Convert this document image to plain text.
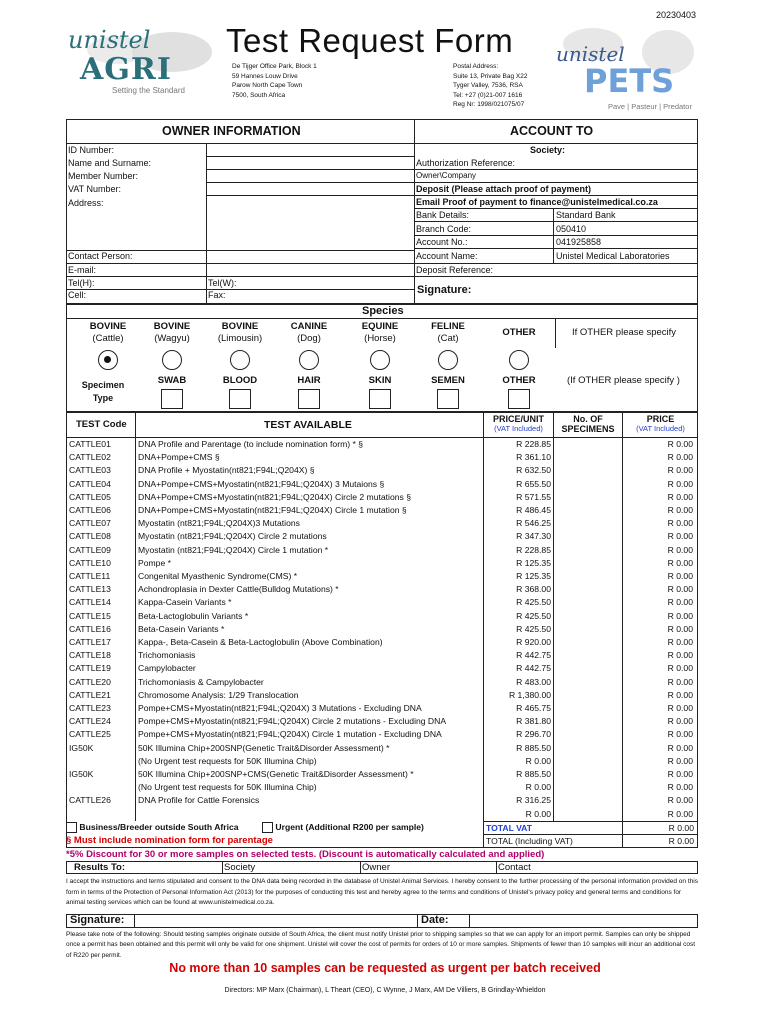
20230403
unistel
AGRI
Setting the Standard
Test Request Form
De Tijger Office Park, Block 1
59 Hannes Louw Drive
Parow North Cape Town
7500, South Africa
Postal Address:
Suite 13, Private Bag X22
Tyger Valley, 7536, RSA
Tel: +27 (0)21-007 1616
Reg Nr: 1998/021075/07
unistel
PETS
Pave | Pasteur | Predator
OWNER INFORMATION	ACCOUNT TO
ID Number:
Name and Surname:
Member Number:
VAT Number:
Address:
Contact Person:
E-mail:
Tel(H):	Tel(W):
Cell:	Fax:
Society:
Authorization Reference:
Owner\Company
Deposit (Please attach proof of payment)
Email Proof of payment to finance@unistelmedical.co.za
Bank Details:	Standard Bank
Branch Code:	050410
Account No.:	041925858
Account Name:	Unistel Medical Laboratories
Deposit Reference:
Signature:
Species
If OTHER please specify
BOVINE
(Cattle)
BOVINE
(Wagyu)
BOVINE
(Limousin)
CANINE
(Dog)
EQUINE
(Horse)
FELINE
(Cat)
OTHER
SWAB	BLOOD	HAIR	SKIN	SEMEN	OTHER
Specimen
Type
(If OTHER please specify )
TEST Code	TEST AVAILABLE	PRICE/UNIT
(VAT Included)
No. OF
SPECIMENS
PRICE
(VAT Included)
CATTLE01	DNA Profile and Parentage (to include nomination form) * §	R 228.85	R 0.00
CATTLE02	DNA+Pompe+CMS §	R 361.10	R 0.00
CATTLE03	DNA Profile + Myostatin(nt821;F94L;Q204X) §	R 632.50	R 0.00
CATTLE04	DNA+Pompe+CMS+Myostatin(nt821;F94L;Q204X) 3 Mutaions §	R 655.50	R 0.00
CATTLE05	DNA+Pompe+CMS+Myostatin(nt821;F94L;Q204X) Circle 2 mutations §	R 571.55	R 0.00
CATTLE06	DNA+Pompe+CMS+Myostatin(nt821;F94L;Q204X) Circle 1 mutation §	R 486.45	R 0.00
CATTLE07	Myostatin (nt821;F94L;Q204X)3 Mutations	R 546.25	R 0.00
CATTLE08	Myostatin (nt821;F94L;Q204X) Circle 2 mutations	R 347.30	R 0.00
CATTLE09	Myostatin (nt821;F94L;Q204X) Circle 1 mutation *	R 228.85	R 0.00
CATTLE10	Pompe *	R 125.35	R 0.00
CATTLE11	Congenital Myasthenic Syndrome(CMS) *	R 125.35	R 0.00
CATTLE13	Achondroplasia in Dexter Cattle(Bulldog Mutations) *	R 368.00	R 0.00
CATTLE14	Kappa-Casein Variants *	R 425.50	R 0.00
CATTLE15	Beta-Lactoglobulin Variants *	R 425.50	R 0.00
CATTLE16	Beta-Casein Variants *	R 425.50	R 0.00
CATTLE17	Kappa-, Beta-Casein & Beta-Lactoglobulin (Above Combination)	R 920.00	R 0.00
CATTLE18	Trichomoniasis	R 442.75	R 0.00
CATTLE19	Campylobacter	R 442.75	R 0.00
CATTLE20	Trichomoniasis & Campylobacter	R 483.00	R 0.00
CATTLE21	Chromosome Analysis: 1/29 Translocation	R 1,380.00	R 0.00
CATTLE23	Pompe+CMS+Myostatin(nt821;F94L;Q204X) 3 Mutations - Excluding DNA	R 465.75	R 0.00
CATTLE24	Pompe+CMS+Myostatin(nt821;F94L;Q204X) Circle 2 mutations - Excluding DNA	R 381.80	R 0.00
CATTLE25	Pompe+CMS+Myostatin(nt821;F94L;Q204X) Circle 1 mutation - Excluding DNA	R 296.70	R 0.00
IG50K	50K Illumina Chip+200SNP(Genetic Trait&Disorder Assessment) *	R 885.50	R 0.00
(No Urgent test requests for 50K Illumina Chip)	R 0.00	R 0.00
IG50K	50K Illumina Chip+200SNP+CMS(Genetic Trait&Disorder Assessment) *	R 885.50	R 0.00
(No Urgent test requests for 50K Illumina Chip)	R 0.00	R 0.00
CATTLE26	DNA Profile for Cattle Forensics	R 316.25	R 0.00
R 0.00	R 0.00
Business/Breeder outside South Africa	Urgent (Additional R200 per sample)	TOTAL VAT	R 0.00
TOTAL (Including VAT)	R 0.00
§ Must include nomination form for parentage
*5% Discount for 30 or more samples on selected tests. (Discount is automatically calculated and applied)
Results To:	Society	Owner	Contact
I accept the instructions and terms stipulated and consent to the DNA data being recorded in the database of Unistel Animal Services. I hereby consent to the further processing of the personal information provided on this form in terms of the Protection of Personal Information Act (2013) for the purposes of conducting this test and hereby agree to the terms and conditions of Unistel's privacy policy and general terms and conditions for animal testing services which can be found at www.unistelmedical.co.za.
Signature:	Date:
Please take note of the following: Should testing samples originate outside of South Africa, the client must notify Unistel prior to shipping samples so that we can apply for an import permit. Samples can only be shipped once a permit has been obtained and this permit will only be valid for one shipment. Unistel will cover the cost of permits for orders of 10 or more samples. Shipments of fewer than 10 samples will incur an additional cost of R220 per permit.
No more than 10 samples can be requested as urgent per batch received
Directors: MP Marx (Chairman), L Theart (CEO), C Wynne, J Marx, AM De Villiers, B Grindlay-Whieldon
